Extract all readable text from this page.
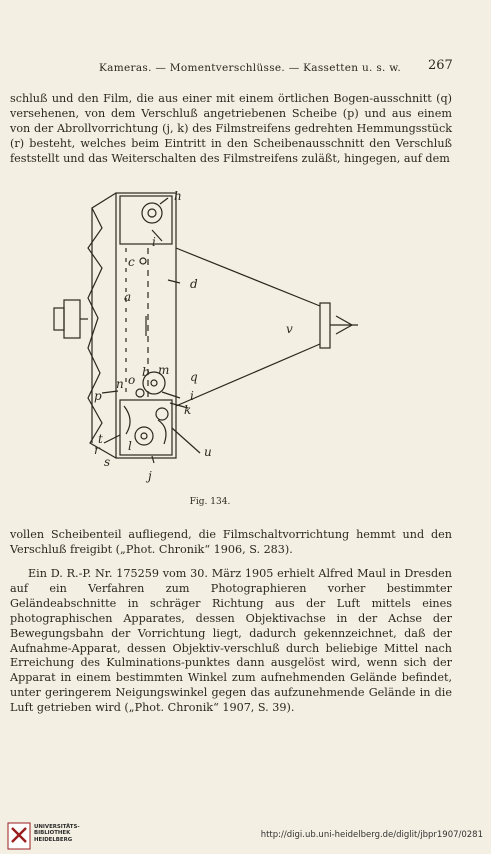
Kameras. — Momentverschlüsse. — Kassetten u. s. w.	267

schluß und den Film, die aus einer mit einem örtlichen Bogen-ausschnitt (q) versehenen, von dem Verschluß angetriebenen Scheibe (p) und aus einem von der Abrollvorrichtung (j, k) des Filmstreifens gedrehten Hemmungsstück (r) besteht, welches beim Eintritt in den Scheibenausschnitt den Verschluß feststellt und das Weiterschalten des Filmstreifens zuläßt, hingegen, auf dem

h
i
c
d
a
v
b m
n o	q
p	i
k
t
r
s
l	u
j
Fig. 134.

vollen Scheibenteil aufliegend, die Filmschaltvorrichtung hemmt und den Verschluß freigibt („Phot. Chronik“ 1906, S. 283).

Ein D. R.-P. Nr. 175259 vom 30. März 1905 erhielt Alfred Maul in Dresden auf ein Verfahren zum Photographieren vorher bestimmter Geländeabschnitte in schräger Richtung aus der Luft mittels eines photographischen Apparates, dessen Objektivachse in der Achse der Bewegungsbahn der Vorrichtung liegt, dadurch gekennzeichnet, daß der Aufnahme-Apparat, dessen Objektiv-verschluß durch beliebige Mittel nach Erreichung des Kulminations-punktes dann ausgelöst wird, wenn sich der Apparat in einem bestimmten Winkel zum aufnehmenden Gelände befindet, unter geringerem Neigungswinkel gegen das aufzunehmende Gelände in die Luft getrieben wird („Phot. Chronik“ 1907, S. 39).

UNIVERSITÄTS-BIBLIOTHEK HEIDELBERG	http://digi.ub.uni-heidelberg.de/diglit/jbpr1907/0281
